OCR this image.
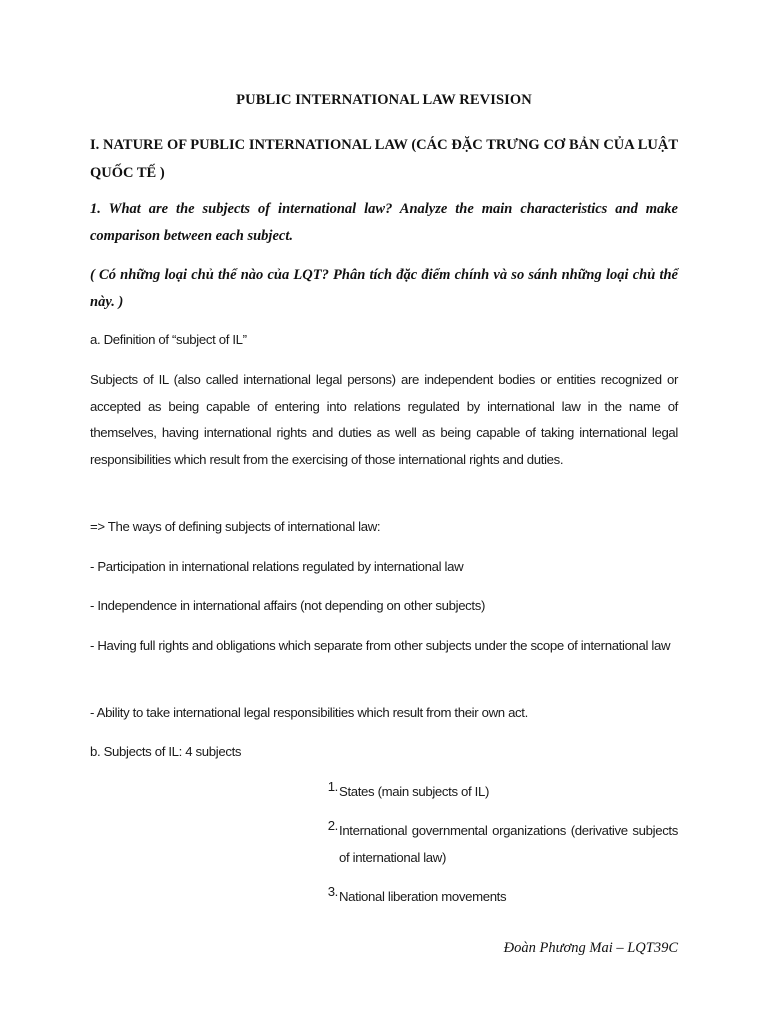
PUBLIC INTERNATIONAL LAW REVISION
I. NATURE OF PUBLIC INTERNATIONAL LAW (CÁC ĐẶC TRƯNG CƠ BẢN CỦA LUẬT QUỐC TẾ )
1. What are the subjects of international law? Analyze the main characteristics and make comparison between each subject.
( Có những loại chủ thể nào của LQT? Phân tích đặc điểm chính và so sánh những loại chủ thể này. )
a. Definition of “subject of IL”
Subjects of IL (also called international legal persons) are independent bodies or entities recognized or accepted as being capable of entering into relations regulated by international law in the name of themselves, having international rights and duties as well as being capable of taking international legal responsibilities which result from the exercising of those international rights and duties.
=> The ways of defining subjects of international law:
- Participation in international relations regulated by international law
- Independence in international affairs (not depending on other subjects)
- Having full rights and obligations which separate from other subjects under the scope of international law
- Ability to take international legal responsibilities which result from their own act.
b. Subjects of IL: 4 subjects
1. States (main subjects of IL)
2. International governmental organizations (derivative subjects of international law)
3. National liberation movements
Đoàn Phương Mai – LQT39C
